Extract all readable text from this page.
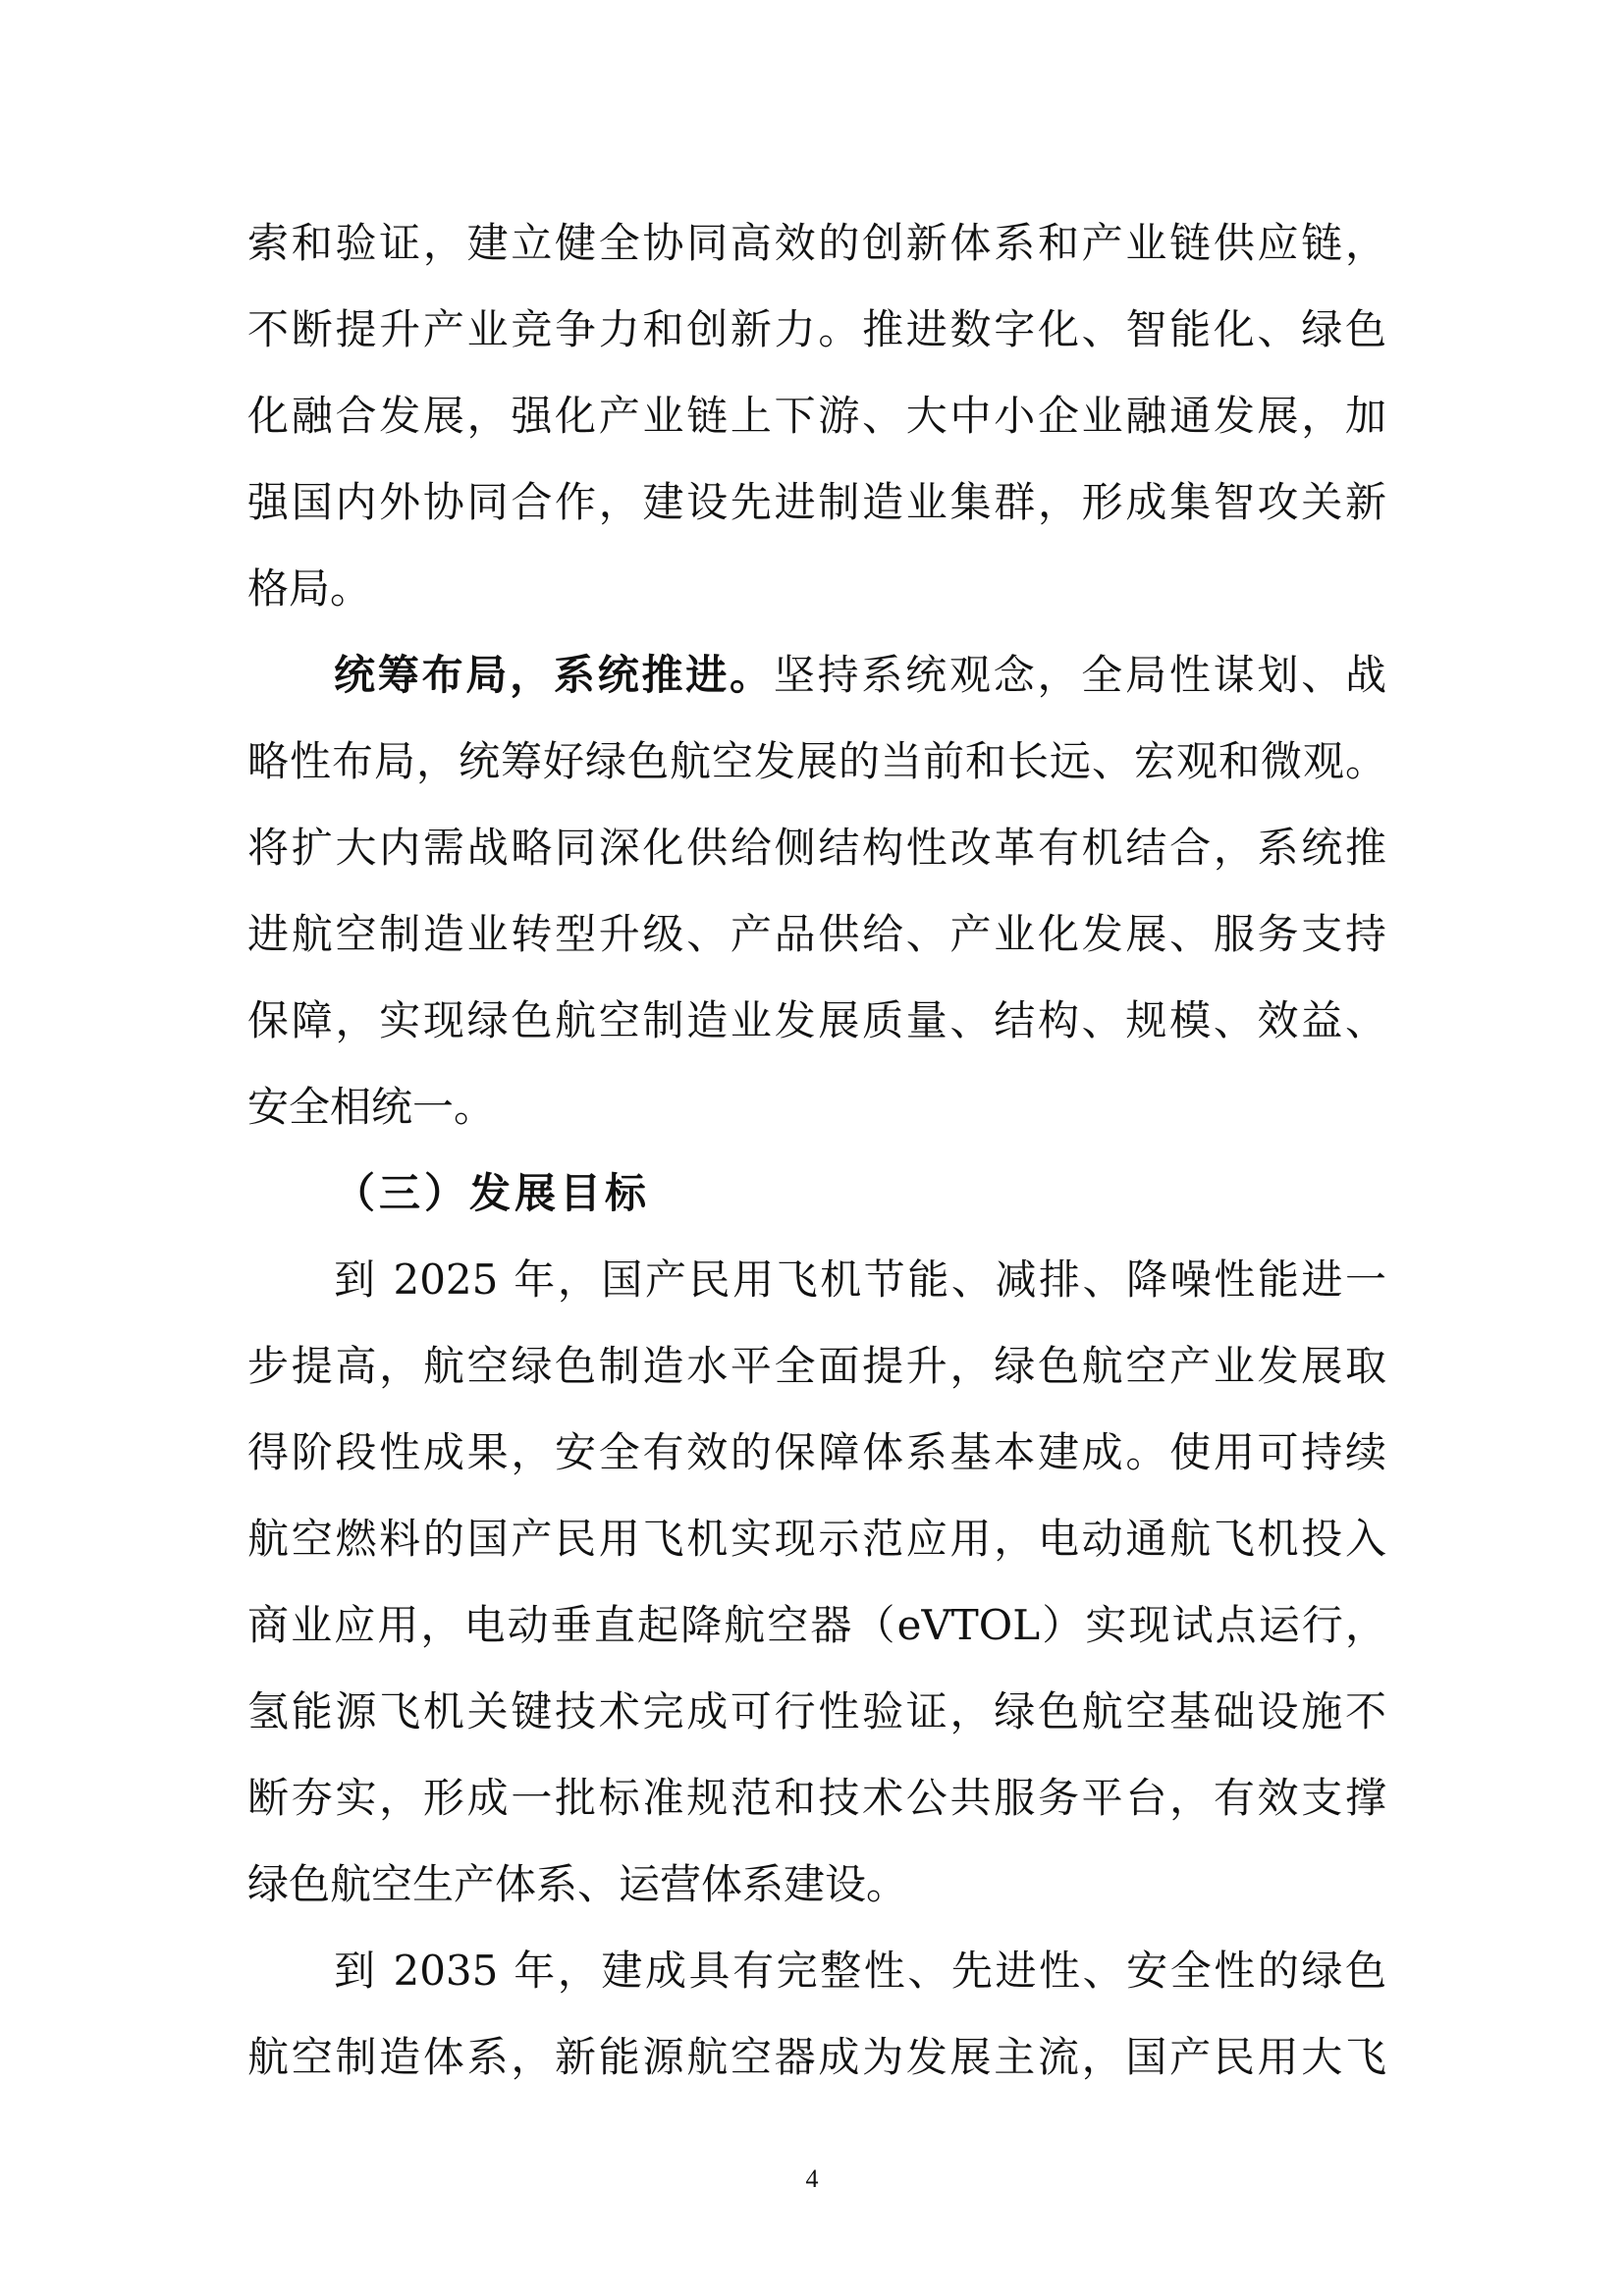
索和验证，建立健全协同高效的创新体系和产业链供应链，
不断提升产业竞争力和创新力。推进数字化、智能化、绿色
化融合发展，强化产业链上下游、大中小企业融通发展，加
强国内外协同合作，建设先进制造业集群，形成集智攻关新
格局。
统筹布局，系统推进。坚持系统观念，全局性谋划、战
略性布局，统筹好绿色航空发展的当前和长远、宏观和微观。
将扩大内需战略同深化供给侧结构性改革有机结合，系统推
进航空制造业转型升级、产品供给、产业化发展、服务支持
保障，实现绿色航空制造业发展质量、结构、规模、效益、
安全相统一。
（三）发展目标
到 2025 年，国产民用飞机节能、减排、降噪性能进一
步提高，航空绿色制造水平全面提升，绿色航空产业发展取
得阶段性成果，安全有效的保障体系基本建成。使用可持续
航空燃料的国产民用飞机实现示范应用，电动通航飞机投入
商业应用，电动垂直起降航空器（eVTOL）实现试点运行，
氢能源飞机关键技术完成可行性验证，绿色航空基础设施不
断夯实，形成一批标准规范和技术公共服务平台，有效支撑
绿色航空生产体系、运营体系建设。
到 2035 年，建成具有完整性、先进性、安全性的绿色
航空制造体系，新能源航空器成为发展主流，国产民用大飞
4
